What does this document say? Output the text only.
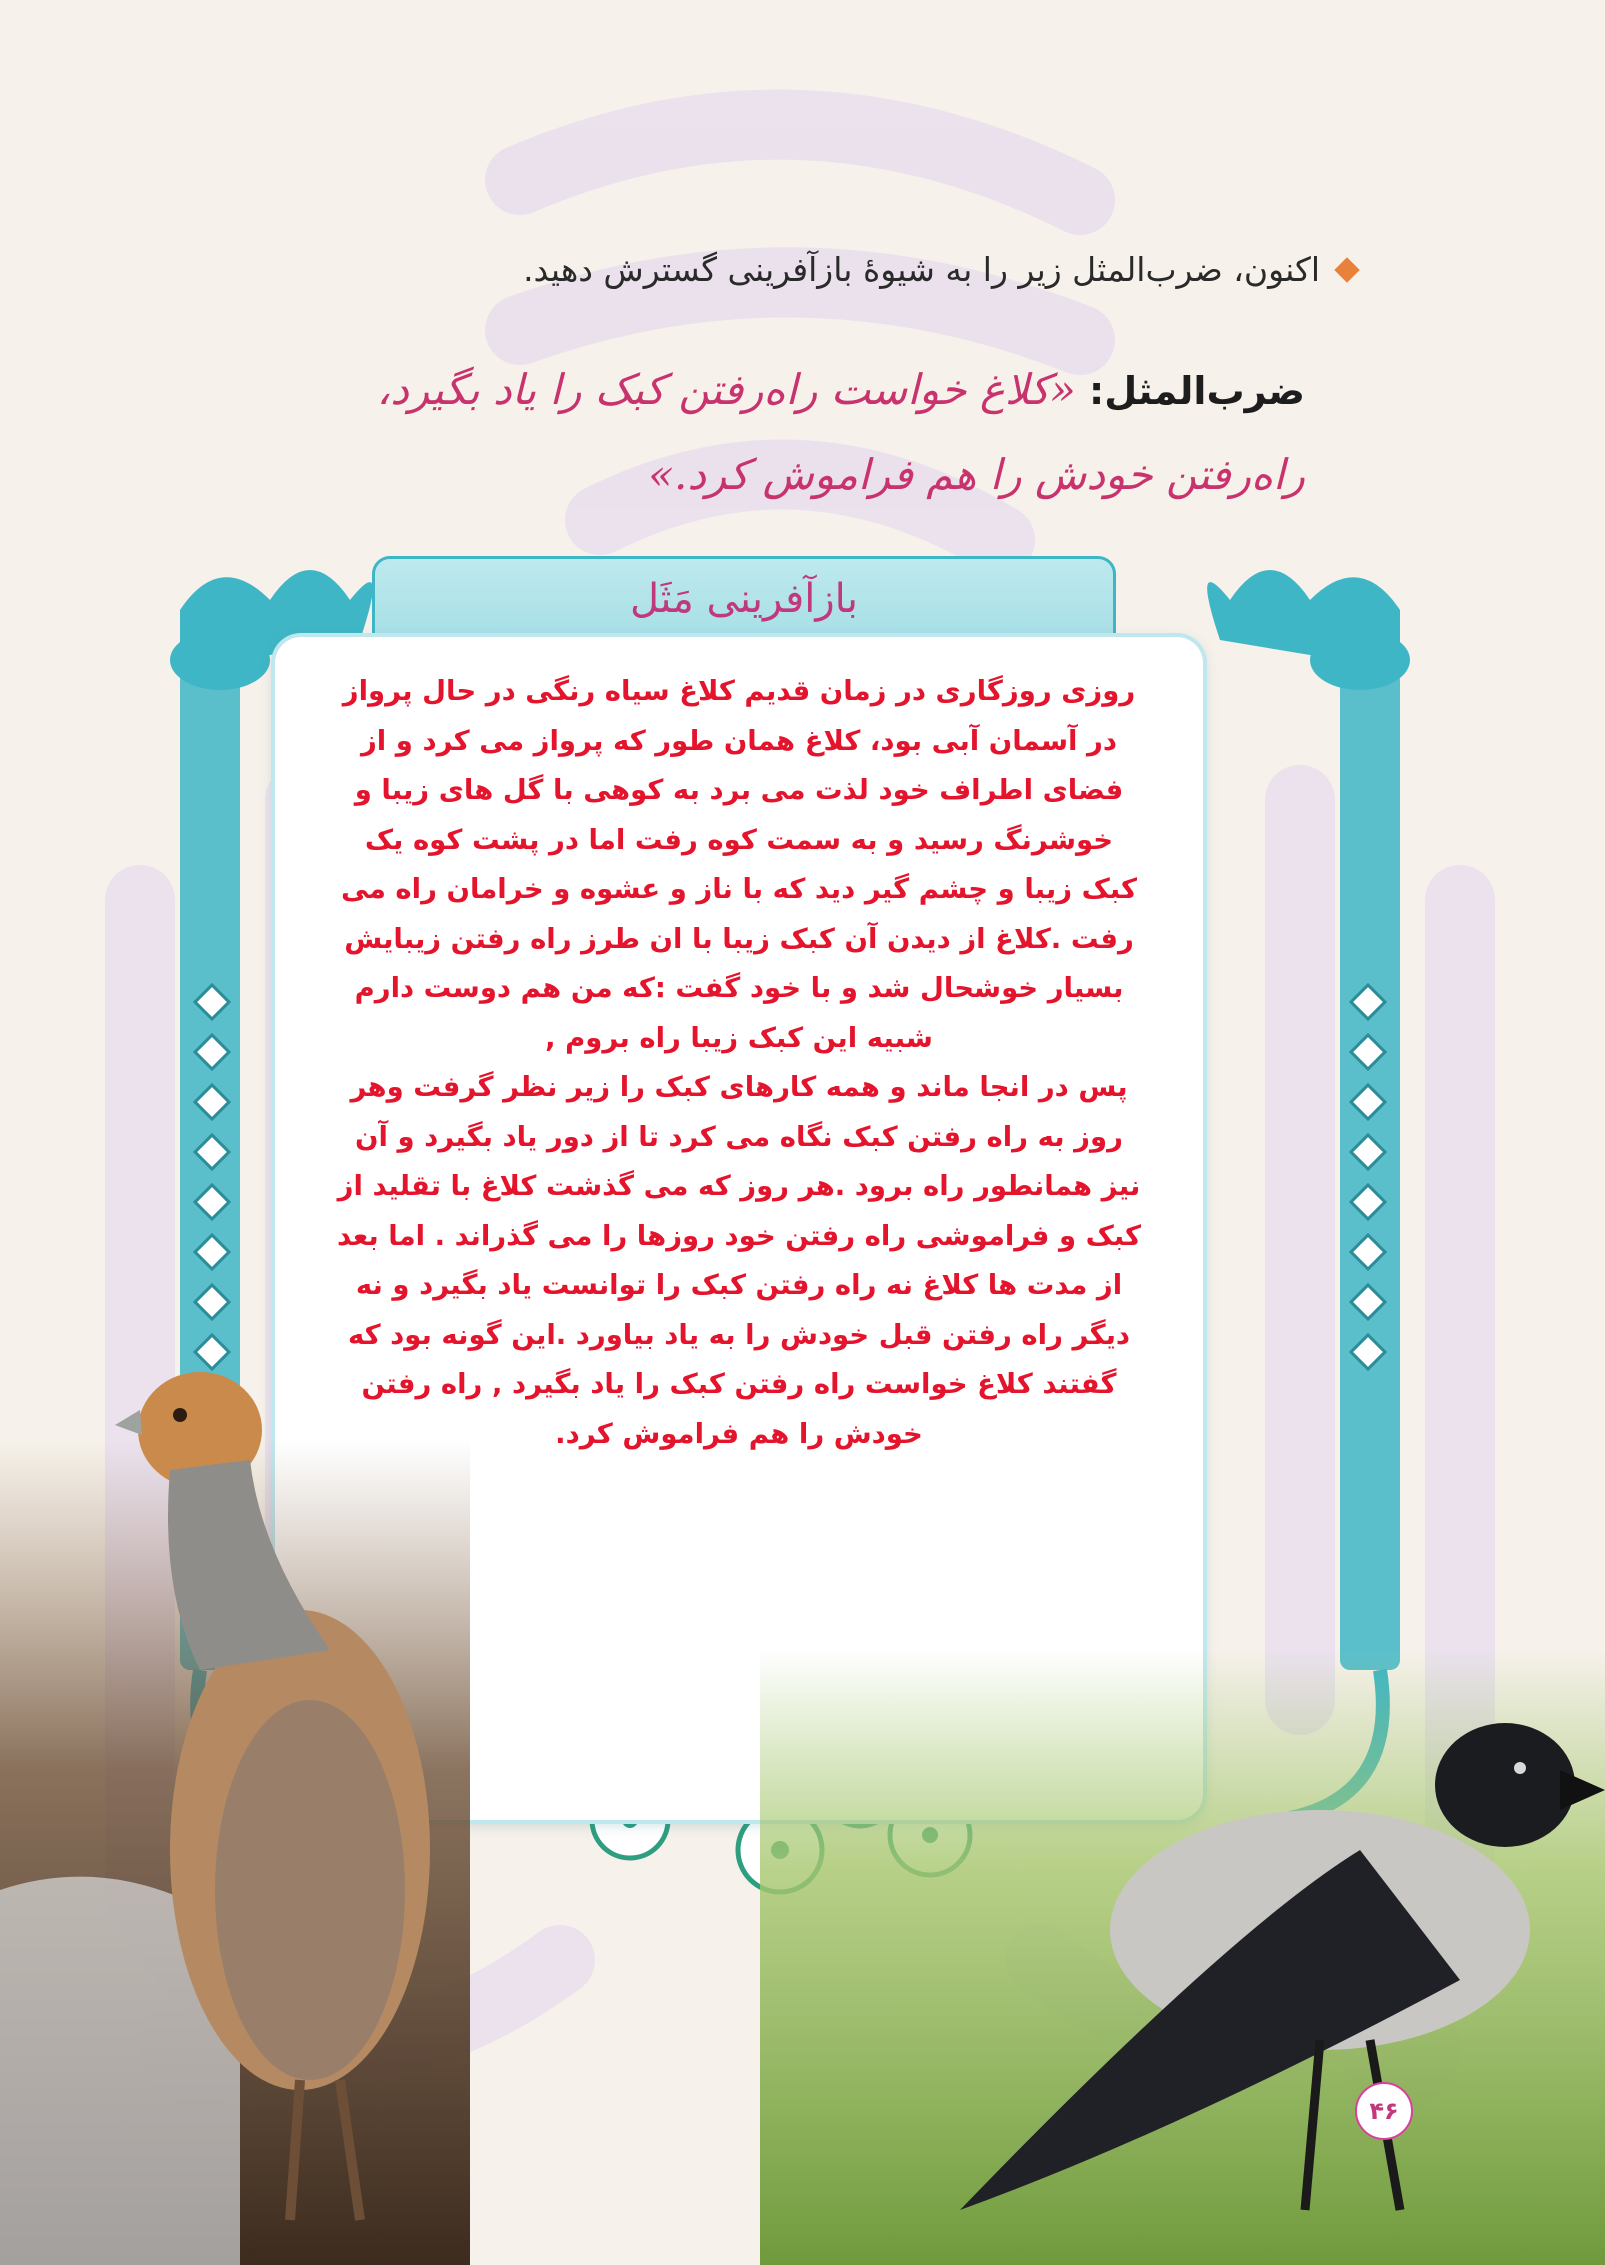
اکنون، ضرب‌المثل زیر را به شیوهٔ بازآفرینی گسترش دهید.
ضرب‌المثل: «کلاغ خواست راه‌رفتن کبک را یاد بگیرد، راه‌رفتن خودش را هم فراموش کرد.»
بازآفرینی مَثَل

روزی روزگاری در زمان قدیم کلاغ سیاه رنگی در حال پرواز در آسمان آبی بود، کلاغ همان طور که پرواز می کرد و از فضای اطراف خود لذت می برد به کوهی با گل های زیبا و خوشرنگ رسید و به سمت کوه رفت اما در پشت کوه یک کبک زیبا و چشم گیر دید که با ناز و عشوه و خرامان راه می رفت .کلاغ از دیدن آن کبک زیبا با ان طرز راه رفتن زیبایش

بسیار خوشحال شد و با خود گفت :که من هم دوست دارم شبیه این کبک زیبا راه بروم ,

پس در انجا ماند و همه کارهای کبک را زیر نظر گرفت وهر روز به راه رفتن کبک نگاه می کرد تا از دور یاد بگیرد و آن نیز همانطور راه برود .هر روز که می گذشت کلاغ با تقلید از کبک و فراموشی راه رفتن خود روزها را می گذراند . اما بعد از مدت ها کلاغ نه راه رفتن کبک را توانست یاد بگیرد و نه دیگر راه رفتن قبل خودش را به یاد بیاورد .این گونه بود که گفتند کلاغ خواست راه رفتن کبک را یاد بگیرد , راه رفتن خودش را هم فراموش کرد.

۴۶
